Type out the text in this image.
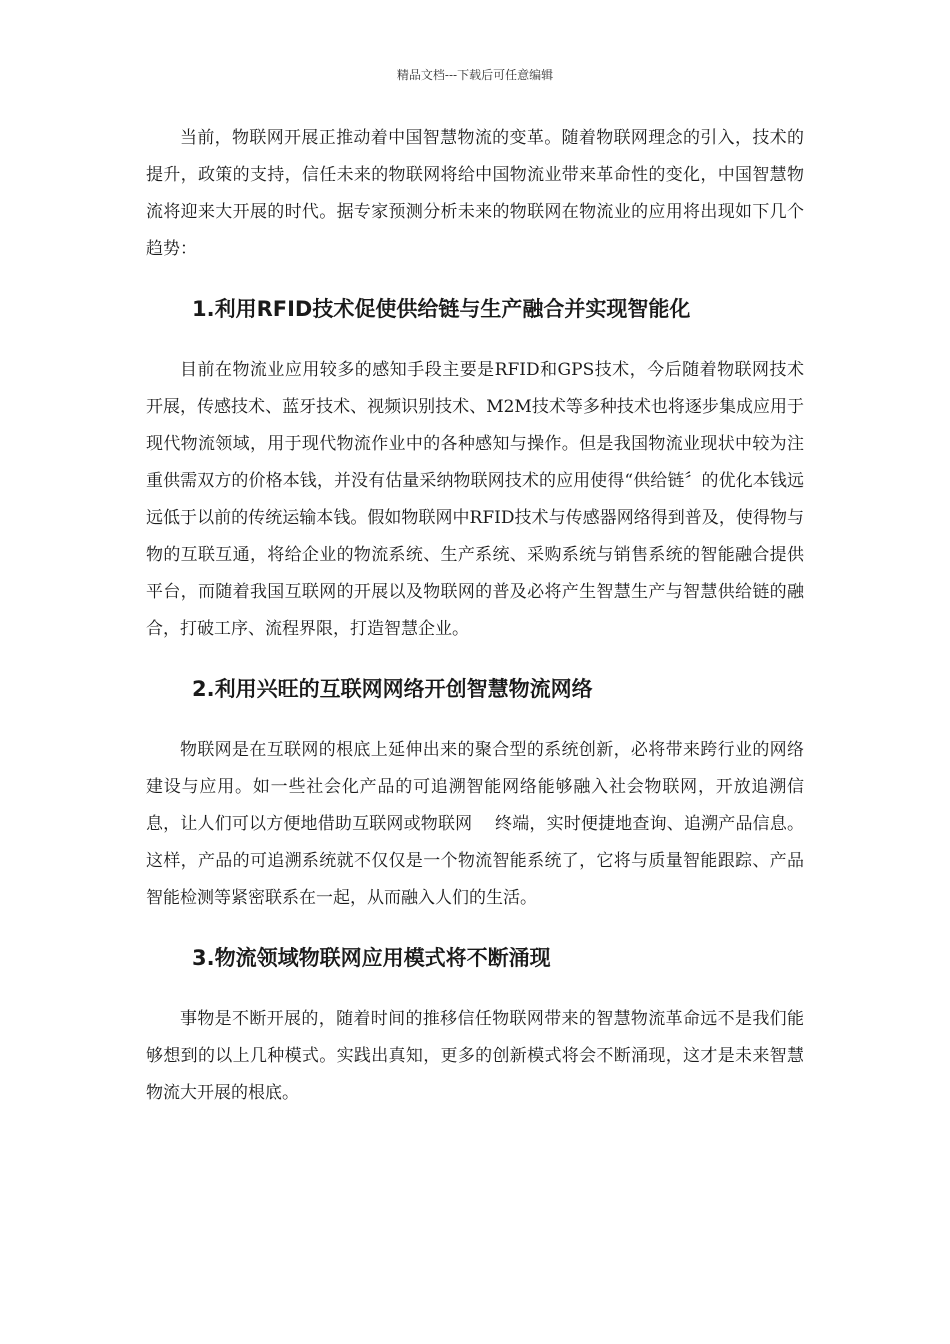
精品文档---下载后可任意编辑

当前，物联网开展正推动着中国智慧物流的变革。随着物联网理念的引入，技术的提升，政策的支持，信任未来的物联网将给中国物流业带来革命性的变化，中国智慧物流将迎来大开展的时代。据专家预测分析未来的物联网在物流业的应用将出现如下几个趋势：

1.利用RFID技术促使供给链与生产融合并实现智能化

目前在物流业应用较多的感知手段主要是RFID和GPS技术，今后随着物联网技术开展，传感技术、蓝牙技术、视频识别技术、M2M技术等多种技术也将逐步集成应用于现代物流领域，用于现代物流作业中的各种感知与操作。但是我国物流业现状中较为注重供需双方的价格本钱，并没有估量采纳物联网技术的应用使得“供给链〞的优化本钱远远低于以前的传统运输本钱。假如物联网中RFID技术与传感器网络得到普及，使得物与物的互联互通，将给企业的物流系统、生产系统、采购系统与销售系统的智能融合提供平台，而随着我国互联网的开展以及物联网的普及必将产生智慧生产与智慧供给链的融合，打破工序、流程界限，打造智慧企业。

2.利用兴旺的互联网网络开创智慧物流网络

物联网是在互联网的根底上延伸出来的聚合型的系统创新，必将带来跨行业的网络建设与应用。如一些社会化产品的可追溯智能网络能够融入社会物联网，开放追溯信息，让人们可以方便地借助互联网或物联网　 终端，实时便捷地查询、追溯产品信息。这样，产品的可追溯系统就不仅仅是一个物流智能系统了，它将与质量智能跟踪、产品智能检测等紧密联系在一起，从而融入人们的生活。

3.物流领域物联网应用模式将不断涌现

事物是不断开展的，随着时间的推移信任物联网带来的智慧物流革命远不是我们能够想到的以上几种模式。实践出真知，更多的创新模式将会不断涌现，这才是未来智慧物流大开展的根底。
